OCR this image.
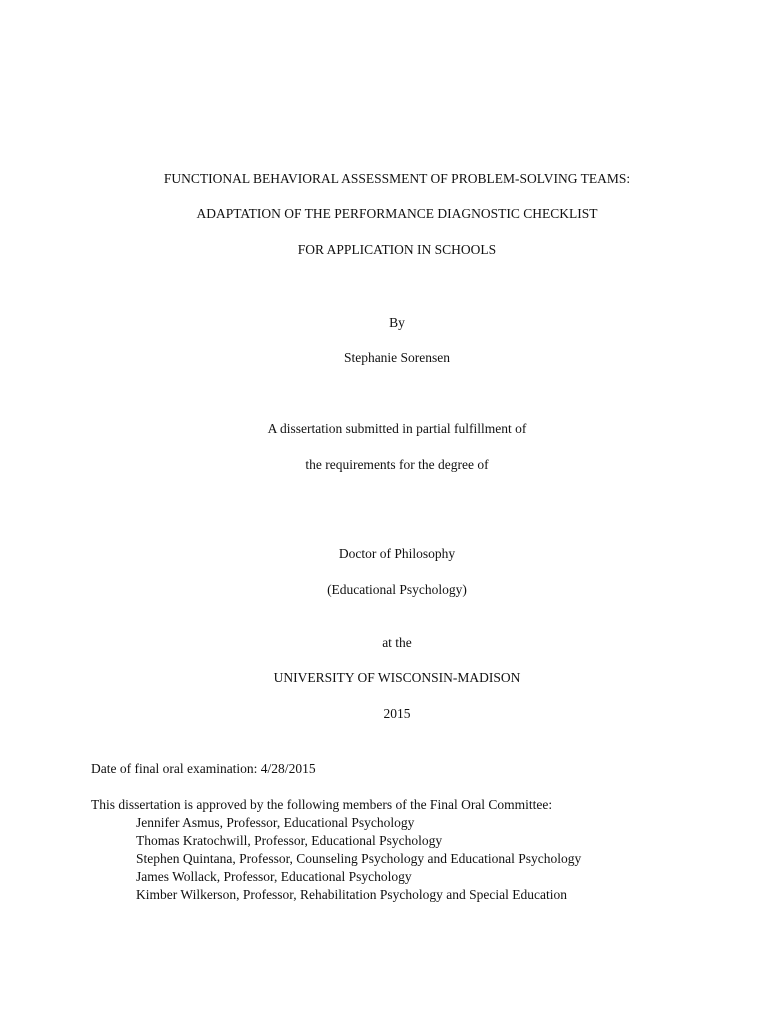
FUNCTIONAL BEHAVIORAL ASSESSMENT OF PROBLEM-SOLVING TEAMS:
ADAPTATION OF THE PERFORMANCE DIAGNOSTIC CHECKLIST
FOR APPLICATION IN SCHOOLS
By
Stephanie Sorensen
A dissertation submitted in partial fulfillment of
the requirements for the degree of
Doctor of Philosophy
(Educational Psychology)
at the
UNIVERSITY OF WISCONSIN-MADISON
2015
Date of final oral examination: 4/28/2015
This dissertation is approved by the following members of the Final Oral Committee:
Jennifer Asmus, Professor, Educational Psychology
Thomas Kratochwill, Professor, Educational Psychology
Stephen Quintana, Professor, Counseling Psychology and Educational Psychology
James Wollack, Professor, Educational Psychology
Kimber Wilkerson, Professor, Rehabilitation Psychology and Special Education
